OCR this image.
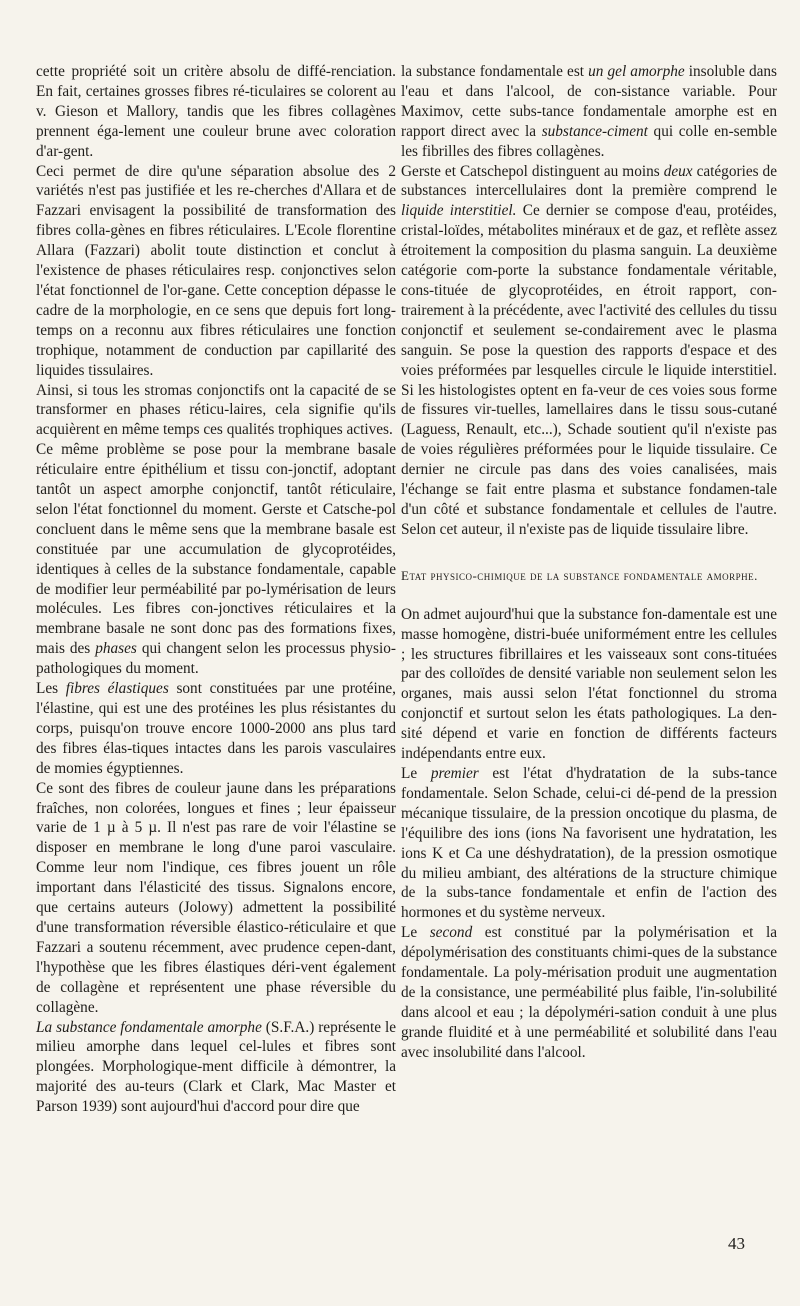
cette propriété soit un critère absolu de diffé-renciation. En fait, certaines grosses fibres ré-ticulaires se colorent au v. Gieson et Mallory, tandis que les fibres collagènes prennent éga-lement une couleur brune avec coloration d'ar-gent.

Ceci permet de dire qu'une séparation absolue des 2 variétés n'est pas justifiée et les re-cherches d'Allara et de Fazzari envisagent la possibilité de transformation des fibres colla-gènes en fibres réticulaires. L'Ecole florentine Allara (Fazzari) abolit toute distinction et conclut à l'existence de phases réticulaires resp. conjonctives selon l'état fonctionnel de l'or-gane. Cette conception dépasse le cadre de la morphologie, en ce sens que depuis fort long-temps on a reconnu aux fibres réticulaires une fonction trophique, notamment de conduction par capillarité des liquides tissulaires.

Ainsi, si tous les stromas conjonctifs ont la capacité de se transformer en phases réticu-laires, cela signifie qu'ils acquièrent en même temps ces qualités trophiques actives.

Ce même problème se pose pour la membrane basale réticulaire entre épithélium et tissu con-jonctif, adoptant tantôt un aspect amorphe conjonctif, tantôt réticulaire, selon l'état fonctionnel du moment. Gerste et Catsche-pol concluent dans le même sens que la membrane basale est constituée par une accumulation de glycoprotéides, identiques à celles de la substance fondamentale, capable de modifier leur perméabilité par po-lymérisation de leurs molécules. Les fibres con-jonctives réticulaires et la membrane basale ne sont donc pas des formations fixes, mais des phases qui changent selon les processus physio-pathologiques du moment.

Les fibres élastiques sont constituées par une protéine, l'élastine, qui est une des protéines les plus résistantes du corps, puisqu'on trouve encore 1000-2000 ans plus tard des fibres élas-tiques intactes dans les parois vasculaires de momies égyptiennes.

Ce sont des fibres de couleur jaune dans les préparations fraîches, non colorées, longues et fines ; leur épaisseur varie de 1 µ à 5 µ. Il n'est pas rare de voir l'élastine se disposer en membrane le long d'une paroi vasculaire. Comme leur nom l'indique, ces fibres jouent un rôle important dans l'élasticité des tissus. Signalons encore, que certains auteurs (Jolowy) admettent la possibilité d'une transformation réversible élastico-réticulaire et que Fazzari a soutenu récemment, avec prudence cepen-dant, l'hypothèse que les fibres élastiques déri-vent également de collagène et représentent une phase réversible du collagène.

La substance fondamentale amorphe (S.F.A.) représente le milieu amorphe dans lequel cel-lules et fibres sont plongées. Morphologique-ment difficile à démontrer, la majorité des au-teurs (Clark et Clark, Mac Master et Parson 1939) sont aujourd'hui d'accord pour dire que

la substance fondamentale est un gel amorphe insoluble dans l'eau et dans l'alcool, de con-sistance variable. Pour Maximov, cette subs-tance fondamentale amorphe est en rapport direct avec la substance-ciment qui colle en-semble les fibrilles des fibres collagènes.

Gerste et Catschepol distinguent au moins deux catégories de substances intercellulaires dont la première comprend le liquide interstitiel. Ce dernier se compose d'eau, protéides, cristal-loïdes, métabolites minéraux et de gaz, et reflète assez étroitement la composition du plasma sanguin. La deuxième catégorie com-porte la substance fondamentale véritable, cons-tituée de glycoprotéides, en étroit rapport, con-trairement à la précédente, avec l'activité des cellules du tissu conjonctif et seulement se-condairement avec le plasma sanguin. Se pose la question des rapports d'espace et des voies préformées par lesquelles circule le liquide interstitiel. Si les histologistes optent en fa-veur de ces voies sous forme de fissures vir-tuelles, lamellaires dans le tissu sous-cutané (Laguess, Renault, etc...), Schade soutient qu'il n'existe pas de voies régulières préformées pour le liquide tissulaire. Ce dernier ne circule pas dans des voies canalisées, mais l'échange se fait entre plasma et substance fondamen-tale d'un côté et substance fondamentale et cellules de l'autre. Selon cet auteur, il n'existe pas de liquide tissulaire libre.

Etat physico-chimique de la substance fondamentale amorphe.

On admet aujourd'hui que la substance fon-damentale est une masse homogène, distri-buée uniformément entre les cellules ; les structures fibrillaires et les vaisseaux sont cons-tituées par des colloïdes de densité variable non seulement selon les organes, mais aussi selon l'état fonctionnel du stroma conjonctif et surtout selon les états pathologiques. La den-sité dépend et varie en fonction de différents facteurs indépendants entre eux.

Le premier est l'état d'hydratation de la subs-tance fondamentale. Selon Schade, celui-ci dé-pend de la pression mécanique tissulaire, de la pression oncotique du plasma, de l'équilibre des ions (ions Na favorisent une hydratation, les ions K et Ca une déshydratation), de la pression osmotique du milieu ambiant, des altérations de la structure chimique de la subs-tance fondamentale et enfin de l'action des hormones et du système nerveux.

Le second est constitué par la polymérisation et la dépolymérisation des constituants chimi-ques de la substance fondamentale. La poly-mérisation produit une augmentation de la consistance, une perméabilité plus faible, l'in-solubilité dans alcool et eau ; la dépolyméri-sation conduit à une plus grande fluidité et à une perméabilité et solubilité dans l'eau avec insolubilité dans l'alcool.

43
